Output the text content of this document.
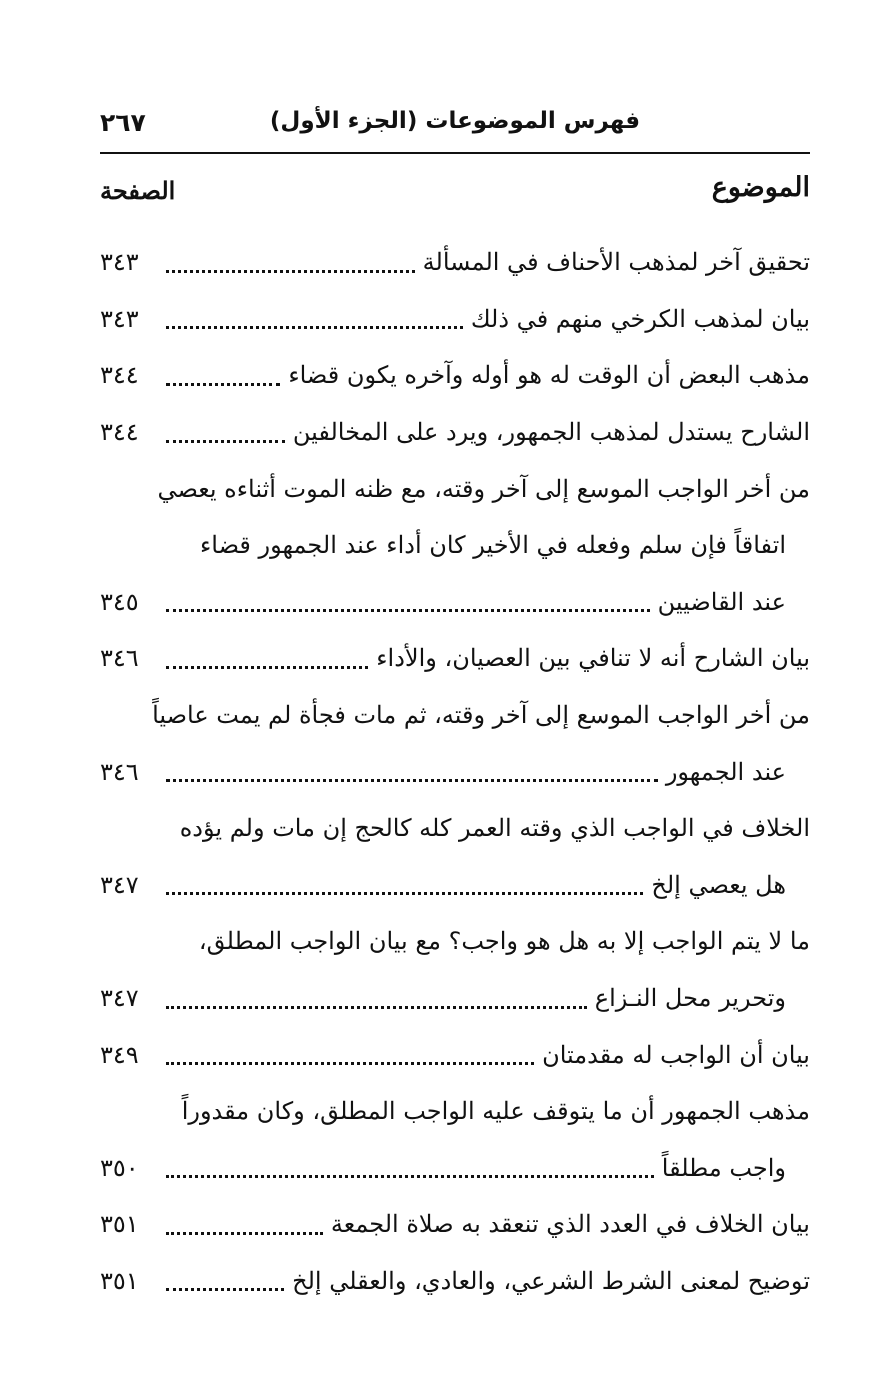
فهرس الموضوعات (الجزء الأول)
٢٦٧
الموضوع
الصفحة
تحقيق آخر لمذهب الأحناف في المسألة
٣٤٣
بيان لمذهب الكرخي منهم في ذلك
٣٤٣
مذهب البعض أن الوقت له هو أوله وآخره يكون قضاء
٣٤٤
الشارح يستدل لمذهب الجمهور، ويرد على المخالفين
٣٤٤
من أخر الواجب الموسع إلى آخر وقته، مع ظنه الموت أثناءه يعصي
اتفاقاً فإن سلم وفعله في الأخير كان أداء عند الجمهور قضاء
عند القاضيين
٣٤٥
بيان الشارح أنه لا تنافي بين العصيان، والأداء
٣٤٦
من أخر الواجب الموسع إلى آخر وقته، ثم مات فجأة لم يمت عاصياً
عند الجمهور
٣٤٦
الخلاف في الواجب الذي وقته العمر كله كالحج إن مات ولم يؤده
هل يعصي إلخ
٣٤٧
ما لا يتم الواجب إلا به هل هو واجب؟ مع بيان الواجب المطلق،
وتحرير محل النـزاع
٣٤٧
بيان أن الواجب له مقدمتان
٣٤٩
مذهب الجمهور أن ما يتوقف عليه الواجب المطلق، وكان مقدوراً
واجب مطلقاً
٣٥٠
بيان الخلاف في العدد الذي تنعقد به صلاة الجمعة
٣٥١
توضيح لمعنى الشرط الشرعي، والعادي، والعقلي إلخ
٣٥١
